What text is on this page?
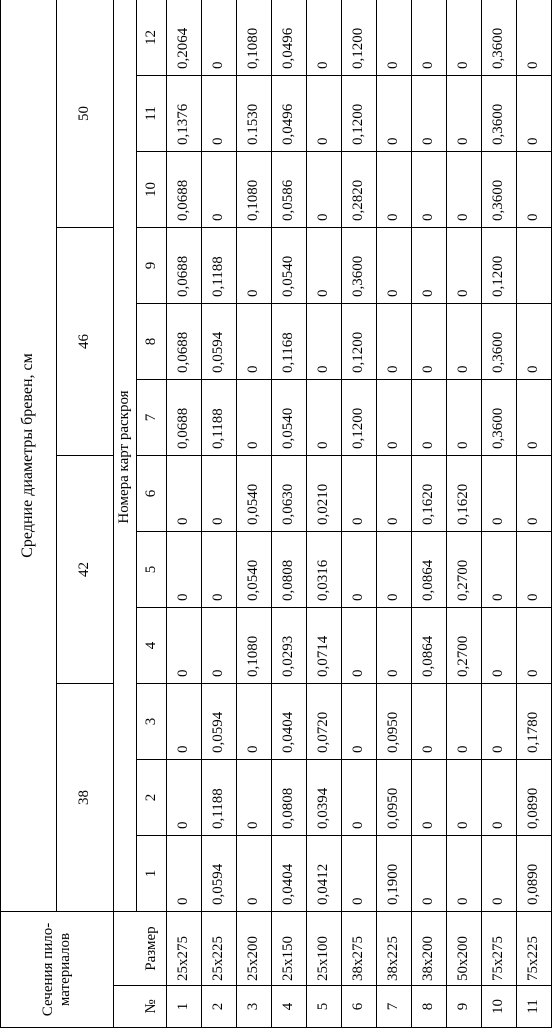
Сечения пило-материалов		Средние диаметры бревен, см											
		38			42			46			50		
		Номера карт раскроя											
№	Размер	1	2	3	4	5	6	7	8	9	10	11	12
1	25х275	0	0	0	0	0	0	0,0688	0,0688	0,0688	0,0688	0,1376	0,2064
2	25х225	0,0594	0,1188	0,0594	0	0	0	0,1188	0,0594	0,1188	0	0	0
3	25х200	0	0	0	0,1080	0,0540	0,0540	0	0	0	0,1080	0.1530	0,1080
4	25х150	0,0404	0,0808	0,0404	0,0293	0,0808	0,0630	0,0540	0,1168	0,0540	0,0586	0,0496	0,0496
5	25х100	0,0412	0,0394	0,0720	0,0714	0,0316	0,0210	0	0	0	0	0	0
6	38х275	0	0	0	0	0	0	0,1200	0,1200	0,3600	0,2820	0,1200	0,1200
7	38х225	0,1900	0,0950	0,0950	0	0	0	0	0	0	0	0	0
8	38х200	0	0	0	0,0864	0,0864	0,1620	0	0	0	0	0	0
9	50х200	0	0	0	0,2700	0,2700	0,1620	0	0	0	0	0	0
10	75х275	0	0	0	0	0	0	0,3600	0,3600	0,1200	0,3600	0,3600	0,3600
11	75х225	0,0890	0,0890	0,1780	0	0	0	0	0		0	0	0
